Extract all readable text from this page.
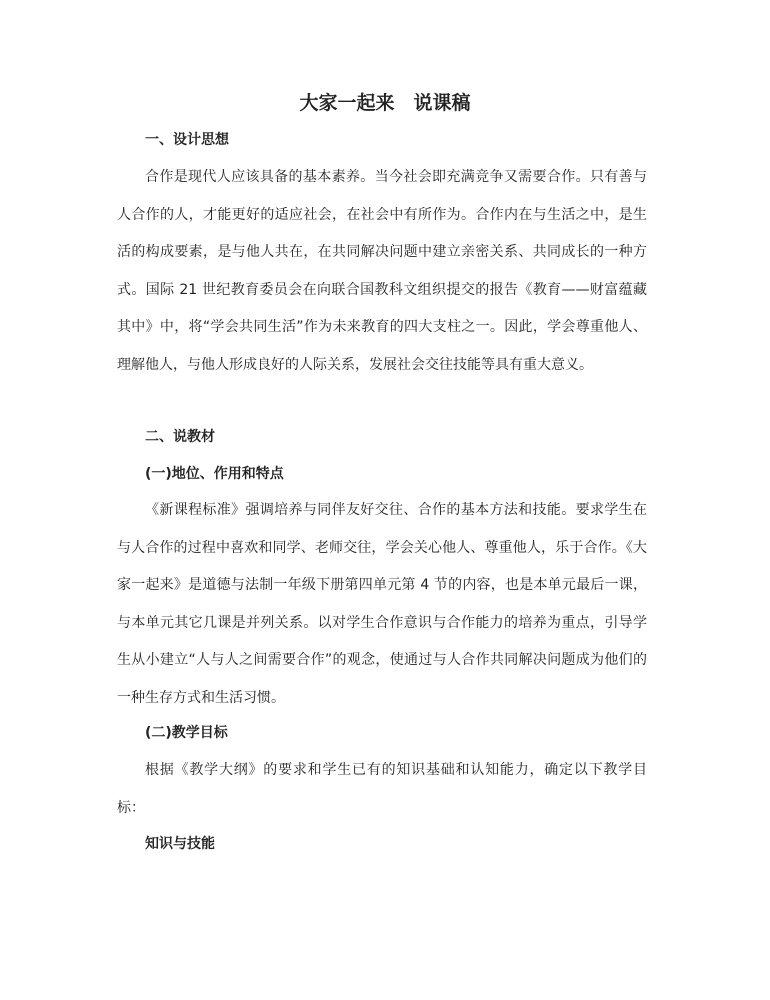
大家一起来　说课稿
一、设计思想

合作是现代人应该具备的基本素养。当今社会即充满竞争又需要合作。只有善与人合作的人，才能更好的适应社会，在社会中有所作为。合作内在与生活之中，是生活的构成要素，是与他人共在，在共同解决问题中建立亲密关系、共同成长的一种方式。国际 21 世纪教育委员会在向联合国教科文组织提交的报告《教育——财富蕴藏其中》中，将“学会共同生活”作为未来教育的四大支柱之一。因此，学会尊重他人、理解他人，与他人形成良好的人际关系，发展社会交往技能等具有重大意义。

二、说教材
(一)地位、作用和特点

《新课程标准》强调培养与同伴友好交往、合作的基本方法和技能。要求学生在与人合作的过程中喜欢和同学、老师交往，学会关心他人、尊重他人，乐于合作。《大家一起来》是道德与法制一年级下册第四单元第 4 节的内容，也是本单元最后一课，与本单元其它几课是并列关系。以对学生合作意识与合作能力的培养为重点，引导学生从小建立“人与人之间需要合作”的观念，使通过与人合作共同解决问题成为他们的一种生存方式和生活习惯。

(二)教学目标

根据《教学大纲》的要求和学生已有的知识基础和认知能力，确定以下教学目标：

知识与技能
